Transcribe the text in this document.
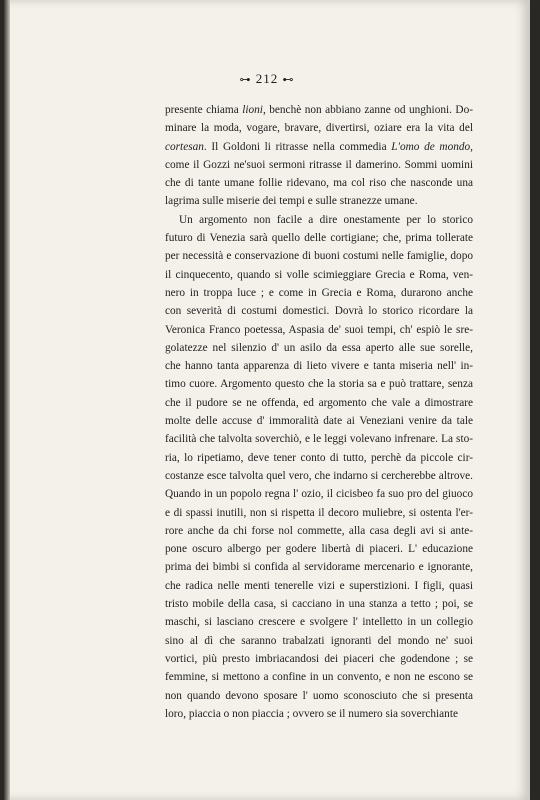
⊶ 212 ⊷
presente chiama lioni, benchè non abbiano zanne od unghioni. Do-
minare la moda, vogare, bravare, divertirsi, oziare era la vita del
cortesan. Il Goldoni li ritrasse nella commedia L'omo de mondo,
come il Gozzi ne'suoi sermoni ritrasse il damerino. Sommi uomini
che di tante umane follie ridevano, ma col riso che nasconde una
lagrima sulle miserie dei tempi e sulle stranezze umane.
Un argomento non facile a dire onestamente per lo storico
futuro di Venezia sarà quello delle cortigiane; che, prima tollerate
per necessità e conservazione di buoni costumi nelle famiglie, dopo
il cinquecento, quando si volle scimieggiare Grecia e Roma, ven-
nero in troppa luce ; e come in Grecia e Roma, durarono anche
con severità di costumi domestici. Dovrà lo storico ricordare la
Veronica Franco poetessa, Aspasia de' suoi tempi, ch' espiò le sre-
golatezze nel silenzio d' un asilo da essa aperto alle sue sorelle,
che hanno tanta apparenza di lieto vivere e tanta miseria nell' in-
timo cuore. Argomento questo che la storia sa e può trattare, senza
che il pudore se ne offenda, ed argomento che vale a dimostrare
molte delle accuse d' immoralità date ai Veneziani venire da tale
facilità che talvolta soverchiò, e le leggi volevano infrenare. La sto-
ria, lo ripetiamo, deve tener conto di tutto, perchè da piccole cir-
costanze esce talvolta quel vero, che indarno si cercherebbe altrove.
Quando in un popolo regna l' ozio, il cicisbeo fa suo pro del giuoco
e di spassi inutili, non si rispetta il decoro muliebre, si ostenta l'er-
rore anche da chi forse nol commette, alla casa degli avi si ante-
pone oscuro albergo per godere libertà di piaceri. L' educazione
prima dei bimbi si confida al servidorame mercenario e ignorante,
che radica nelle menti tenerelle vizi e superstizioni. I figli, quasi
tristo mobile della casa, si cacciano in una stanza a tetto ; poi, se
maschi, si lasciano crescere e svolgere l' intelletto in un collegio
sino al dì che saranno trabalzati ignoranti del mondo ne' suoi
vortici, più presto imbriacandosi dei piaceri che godendone ; se
femmine, si mettono a confine in un convento, e non ne escono se
non quando devono sposare l' uomo sconosciuto che si presenta
loro, piaccia o non piaccia ; ovvero se il numero sia soverchiante
